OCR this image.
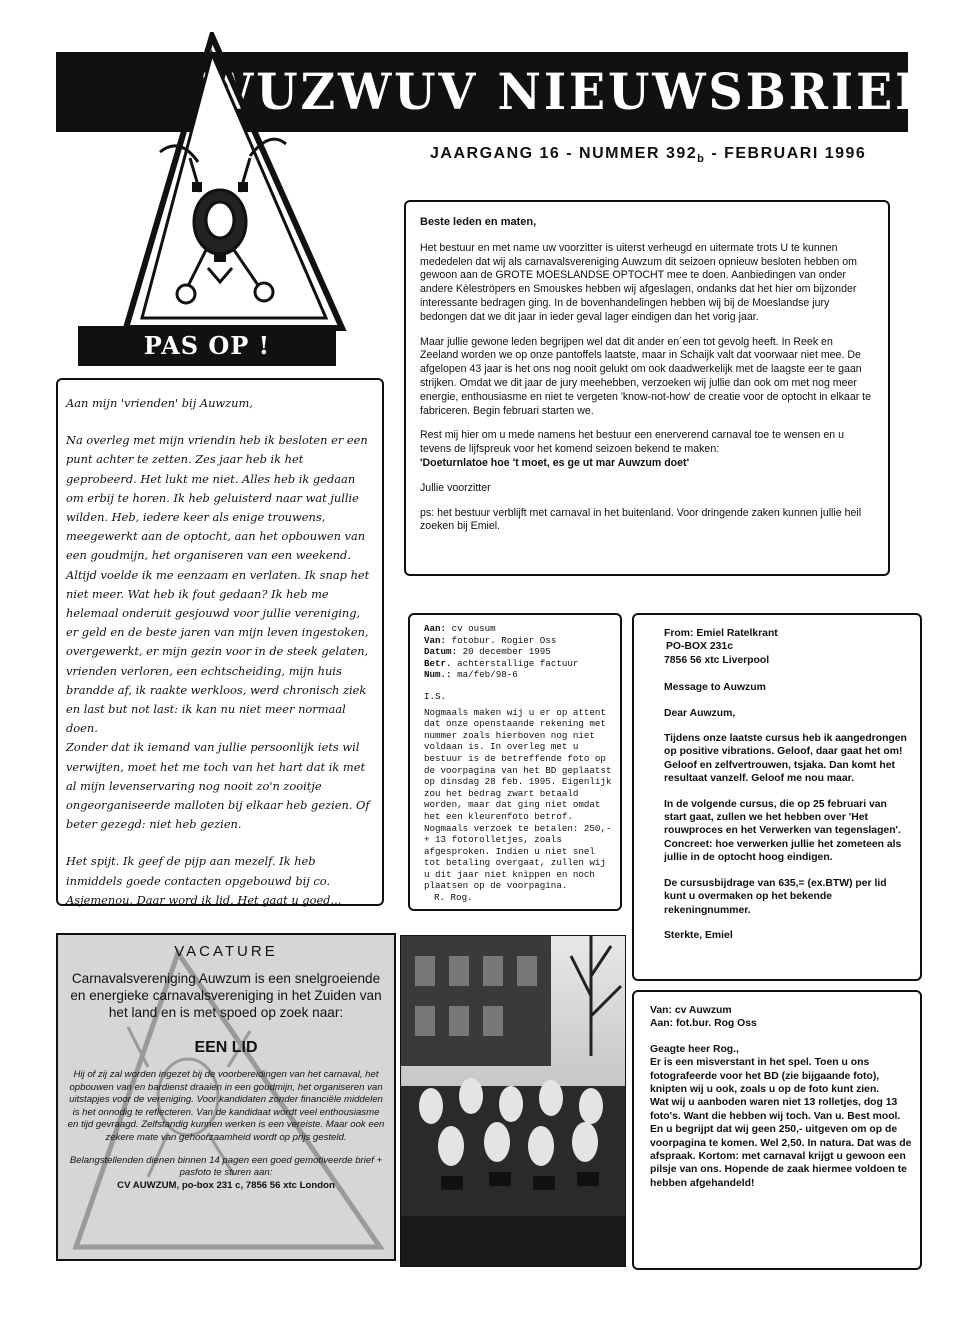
WUZWUV NIEUWSBRIEF
JAARGANG 16 - NUMMER $392_b$ - FEBRUARI 1996
PAS OP !
Beste leden en maten,

Het bestuur en met name uw voorzitter is uiterst verheugd en uitermate trots U te kunnen mededelen dat wij als carnavalsvereniging Auwzum dit seizoen opnieuw besloten hebben om gewoon aan de GROTE MOESLANDSE OPTOCHT mee te doen. Aanbiedingen van onder andere Kèleströpers en Smouskes hebben wij afgeslagen, ondanks dat het hier om bijzonder interessante bedragen ging. In de bovenhandelingen hebben wij bij de Moeslandse jury bedongen dat we dit jaar in ieder geval lager eindigen dan het vorig jaar.

Maar jullie gewone leden begrijpen wel dat dit ander en´een tot gevolg heeft. In Reek en Zeeland worden we op onze pantoffels laatste, maar in Schaijk valt dat voorwaar niet mee. De afgelopen 43 jaar is het ons nog nooit gelukt om ook daadwerkelijk met de laagste eer te gaan strijken. Omdat we dit jaar de jury meehebben, verzoeken wij jullie dan ook om met nog meer energie, enthousiasme en niet te vergeten 'know-not-how' de creatie voor de optocht in elkaar te fabriceren. Begin februari starten we.

Rest mij hier om u mede namens het bestuur een enerverend carnaval toe te wensen en u tevens de lijfspreuk voor het komend seizoen bekend te maken:

'Doeturnlatoe hoe 't moet, es ge ut mar Auwzum doet'

Jullie voorzitter

ps: het bestuur verblijft met carnaval in het buitenland. Voor dringende zaken kunnen jullie heil zoeken bij Emiel.

Aan mijn 'vrienden' bij Auwzum,

Na overleg met mijn vriendin heb ik besloten er een punt achter te zetten. Zes jaar heb ik het geprobeerd. Het lukt me niet. Alles heb ik gedaan om erbij te horen. Ik heb geluisterd naar wat jullie wilden. Heb, iedere keer als enige trouwens, meegewerkt aan de optocht, aan het opbouwen van een goudmijn, het organiseren van een weekend. Altijd voelde ik me eenzaam en verlaten. Ik snap het niet meer. Wat heb ik fout gedaan? Ik heb me helemaal onderuit gesjouwd voor jullie vereniging, er geld en de beste jaren van mijn leven ingestoken, overgewerkt, er mijn gezin voor in de steek gelaten, vrienden verloren, een echtscheiding, mijn huis brandde af, ik raakte werkloos, werd chronisch ziek en last but not last: ik kan nu niet meer normaal doen.

Zonder dat ik iemand van jullie persoonlijk iets wil verwijten, moet het me toch van het hart dat ik met al mijn levenservaring nog nooit zo'n zooitje ongeorganiseerde malloten bij elkaar heb gezien. Of beter gezegd: niet heb gezien.

Het spijt. Ik geef de pijp aan mezelf. Ik heb inmiddels goede contacten opgebouwd bij co. Asjemenou. Daar word ik lid. Het gaat u goed...

Aan: cv ousum
Van: fotobur. Rogier Oss
Datum: 20 december 1995
Betr. achterstallige factuur
Num.: ma/feb/98-6
I.S.
Nogmaals maken wij u er op attent dat onze openstaande rekening met nummer zoals hierboven nog niet voldaan is. In overleg met u bestuur is de betreffende foto op de voorpagina van het BD geplaatst op dinsdag 28 feb. 1995. Eigenlijk zou het bedrag zwart betaald worden, maar dat ging niet omdat het een kleurenfoto betrof.
Nogmaals verzoek te betalen: 250,- + 13 fotorolletjes, zoals afgesproken. Indien u niet snel tot betaling overgaat, zullen wij u dit jaar niet knippen en noch plaatsen op de voorpagina.
R. Rog.
From: Emiel Ratelkrant
PO-BOX 231c
7856 56 xtc Liverpool

Message to Auwzum

Dear Auwzum,

Tijdens onze laatste cursus heb ik aangedrongen op positive vibrations. Geloof, daar gaat het om! Geloof en zelfvertrouwen, tsjaka. Dan komt het resultaat vanzelf. Geloof me nou maar.

In de volgende cursus, die op 25 februari van start gaat, zullen we het hebben over 'Het rouwproces en het Verwerken van tegenslagen'. Concreet: hoe verwerken jullie het zometeen als jullie in de optocht hoog eindigen.

De cursusbijdrage van 635,= (ex.BTW) per lid kunt u overmaken op het bekende rekeningnummer.

Sterkte, Emiel

Van: cv Auwzum
Aan: fot.bur. Rog Oss
Geagte heer Rog.,
Er is een misverstant in het spel. Toen u ons fotografeerde voor het BD (zie bijgaande foto), knipten wij u ook, zoals u op de foto kunt zien.
Wat wij u aanboden waren niet 13 rolletjes, dog 13 foto's. Want die hebben wij toch. Van u. Best mool.
En u begrijpt dat wij geen 250,- uitgeven om op de voorpagina te komen. Wel 2,50. In natura. Dat was de afspraak. Kortom: met carnaval krijgt u gewoon een pilsje van ons. Hopende de zaak hiermee voldoen te hebben afgehandeld!
VACATURE
Carnavalsvereniging Auwzum is een snelgroeiende en energieke carnavalsvereniging in het Zuiden van het land en is met spoed op zoek naar:
EEN LID
Hij of zij zal worden ingezet bij de voorbereidingen van het carnaval, het opbouwen van en bardienst draaien in een goudmijn, het organiseren van uitstapjes voor de vereniging. Voor kandidaten zonder financiële middelen is het onnodig te reflecteren. Van de kandidaat wordt veel enthousiasme en tijd gevraagd. Zelfstandig kunnen werken is een vereiste. Maar ook een zekere mate van gehoorzaamheid wordt op prijs gesteld.
Belangstellenden dienen binnen 14 pagen een goed gemotiveerde brief + pasfoto te sturen aan:
CV AUWZUM, po-box 231 c, 7856 56 xtc London
